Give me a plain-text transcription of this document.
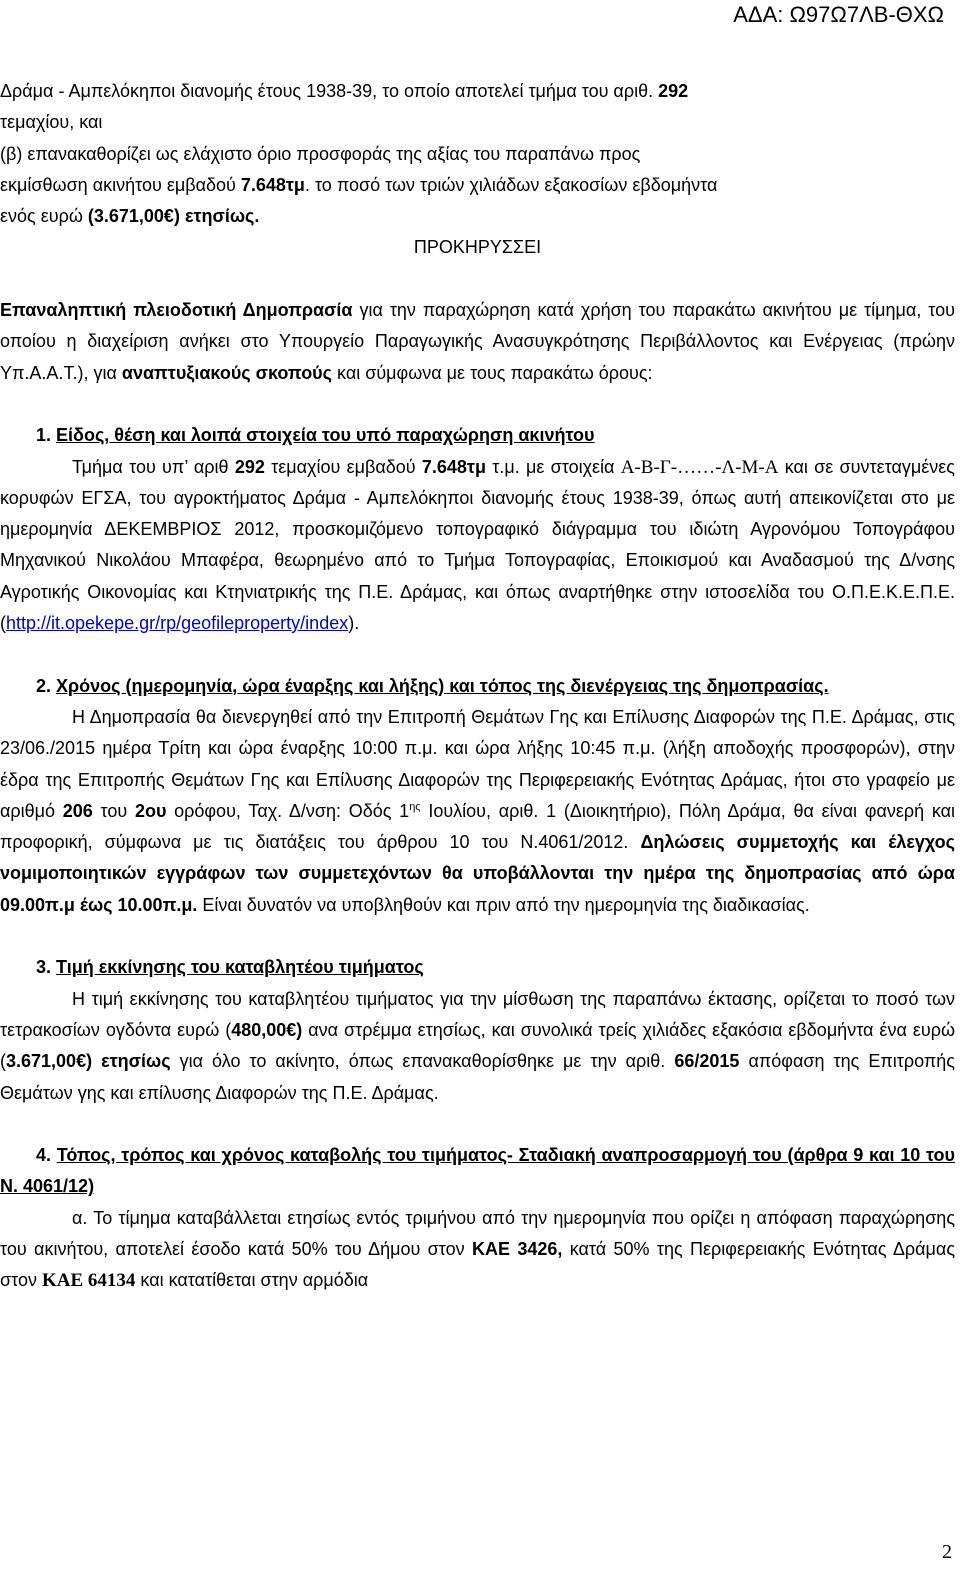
ΑΔΑ: Ω97Ω7ΛΒ-ΘΧΩ

Δράμα - Αμπελόκηποι διανομής έτους 1938-39, το οποίο αποτελεί τμήμα του αριθ. 292
τεμαχίου, και
(β) επανακαθορίζει ως ελάχιστο όριο προσφοράς της αξίας του παραπάνω προς
εκμίσθωση ακινήτου εμβαδού 7.648τμ. το ποσό των τριών χιλιάδων εξακοσίων εβδομήντα
ενός ευρώ (3.671,00€) ετησίως.

ΠΡΟΚΗΡΥΣΣΕΙ

Επαναληπτική πλειοδοτική Δημοπρασία για την παραχώρηση κατά χρήση του παρακάτω ακινήτου με τίμημα, του οποίου η διαχείριση ανήκει στο Υπουργείο Παραγωγικής Ανασυγκρότησης Περιβάλλοντος και Ενέργειας (πρώην Υπ.Α.Α.Τ.), για αναπτυξιακούς σκοπούς και σύμφωνα με τους παρακάτω όρους:

1. Είδος, θέση και λοιπά στοιχεία του υπό παραχώρηση ακινήτου

Τμήμα του υπ’ αριθ 292 τεμαχίου εμβαδού 7.648τμ τ.μ. με στοιχεία Α-Β-Γ-……-Λ-Μ-Α και σε συντεταγμένες κορυφών ΕΓΣΑ, του αγροκτήματος Δράμα - Αμπελόκηποι διανομής έτους 1938-39, όπως αυτή απεικονίζεται στο με ημερομηνία ΔΕΚΕΜΒΡΙΟΣ 2012, προσκομιζόμενο τοπογραφικό διάγραμμα του ιδιώτη Αγρονόμου Τοπογράφου Μηχανικού Νικολάου Μπαφέρα, θεωρημένο από το Τμήμα Τοπογραφίας, Εποικισμού και Αναδασμού της Δ/νσης Αγροτικής Οικονομίας και Κτηνιατρικής της Π.Ε. Δράμας, και όπως αναρτήθηκε στην ιστοσελίδα του Ο.Π.Ε.Κ.Ε.Π.Ε. (http://it.opekepe.gr/rp/geofileproperty/index).

2. Χρόνος (ημερομηνία, ώρα έναρξης και λήξης) και τόπος της διενέργειας της δημοπρασίας.

Η Δημοπρασία θα διενεργηθεί από την Επιτροπή Θεμάτων Γης και Επίλυσης Διαφορών της Π.Ε. Δράμας, στις 23/06./2015 ημέρα Τρίτη και ώρα έναρξης 10:00 π.μ. και ώρα λήξης 10:45 π.μ. (λήξη αποδοχής προσφορών), στην έδρα της Επιτροπής Θεμάτων Γης και Επίλυσης Διαφορών της Περιφερειακής Ενότητας Δράμας, ήτοι στο γραφείο με αριθμό 206 του 2ου ορόφου, Ταχ. Δ/νση: Οδός $1^{\eta\varsigma}$ Ιουλίου, αριθ. 1 (Διοικητήριο), Πόλη Δράμα, θα είναι φανερή και προφορική, σύμφωνα με τις διατάξεις του άρθρου 10 του Ν.4061/2012. Δηλώσεις συμμετοχής και έλεγχος νομιμοποιητικών εγγράφων των συμμετεχόντων θα υποβάλλονται την ημέρα της δημοπρασίας από ώρα 09.00π.μ έως 10.00π.μ. Είναι δυνατόν να υποβληθούν και πριν από την ημερομηνία της διαδικασίας.

3. Τιμή εκκίνησης του καταβλητέου τιμήματος

Η τιμή εκκίνησης του καταβλητέου τιμήματος για την μίσθωση της παραπάνω έκτασης, ορίζεται το ποσό των τετρακοσίων ογδόντα ευρώ (480,00€) ανα στρέμμα ετησίως, και συνολικά τρείς χιλιάδες εξακόσια εβδομήντα ένα ευρώ (3.671,00€) ετησίως για όλο το ακίνητο, όπως επανακαθορίσθηκε με την αριθ. 66/2015 απόφαση της Επιτροπής Θεμάτων γης και επίλυσης Διαφορών της Π.Ε. Δράμας.

4. Τόπος, τρόπος και χρόνος καταβολής του τιμήματος- Σταδιακή αναπροσαρμογή του (άρθρα 9 και 10 του Ν. 4061/12)

α. Το τίμημα καταβάλλεται ετησίως εντός τριμήνου από την ημερομηνία που ορίζει η απόφαση παραχώρησης του ακινήτου, αποτελεί έσοδο κατά 50% του Δήμου στον ΚΑΕ 3426, κατά 50% της Περιφερειακής Ενότητας Δράμας στον ΚΑΕ 64134 και κατατίθεται στην αρμόδια

2
